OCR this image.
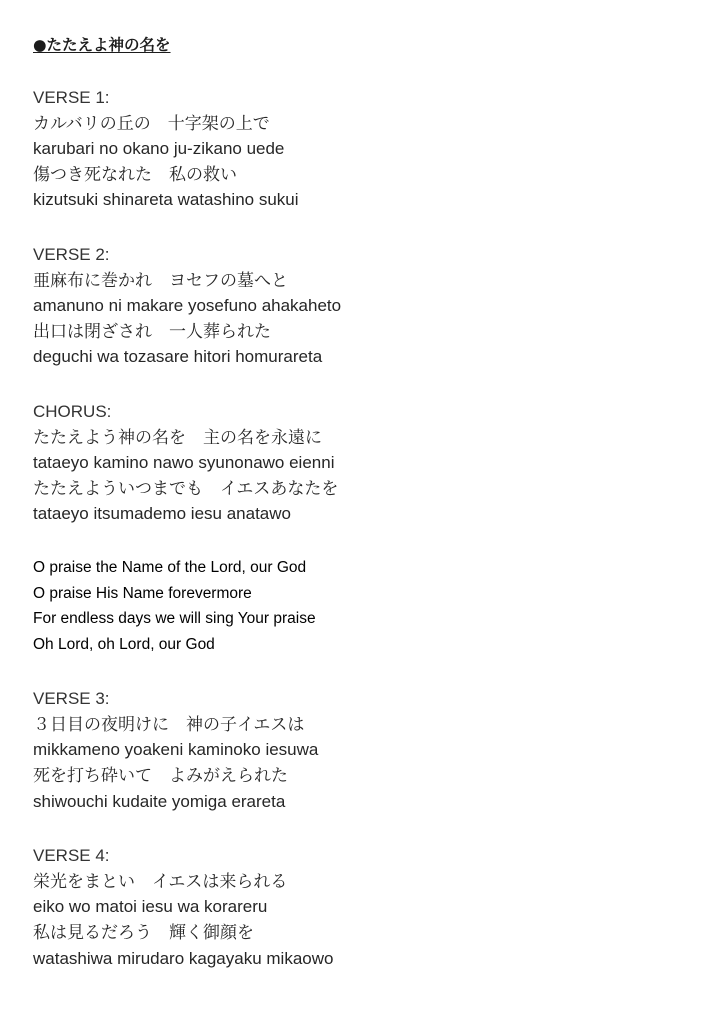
●たたえよ神の名を
VERSE 1:
カルバリの丘の　十字架の上で
karubari no okano ju-zikano uede
傷つき死なれた　私の救い
kizutsuki shinareta watashino sukui
VERSE 2:
亜麻布に巻かれ　ヨセフの墓へと
amanuno ni makare yosefuno ahakaheto
出口は閉ざされ　一人葬られた
deguchi wa tozasare hitori homurareta
CHORUS:
たたえよう神の名を　主の名を永遠に
tataeyo kamino nawo syunonawo eienni
たたえよういつまでも　イエスあなたを
tataeyo itsumademo iesu anatawo
O praise the Name of the Lord, our God
O praise His Name forevermore
For endless days we will sing Your praise
Oh Lord, oh Lord, our God
VERSE 3:
３日目の夜明けに　神の子イエスは
mikkameno yoakeni kaminoko iesuwa
死を打ち砕いて　よみがえられた
shiwouchi kudaite yomiga erareta
VERSE 4:
栄光をまとい　イエスは来られる
eiko wo matoi iesu wa korareru
私は見るだろう　輝く御顔を
watashiwa mirudaro kagayaku mikaowo
